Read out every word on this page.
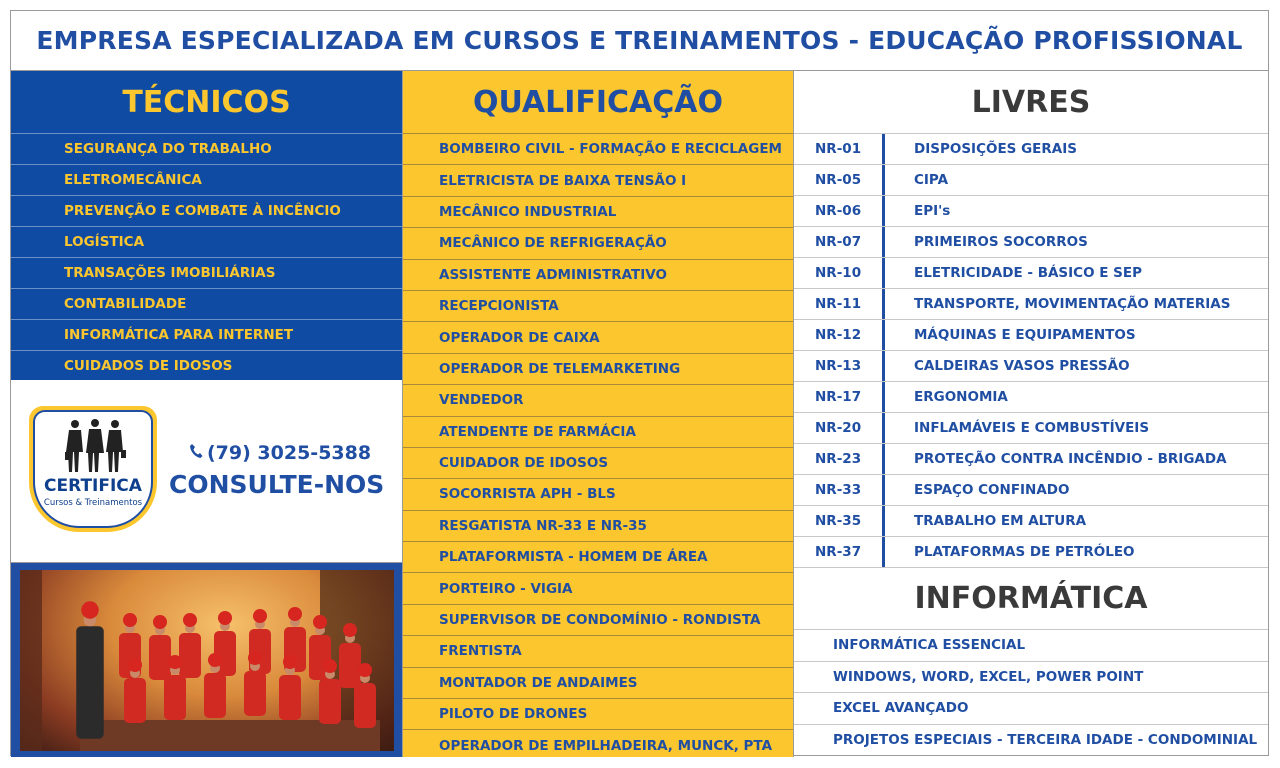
EMPRESA ESPECIALIZADA EM CURSOS E TREINAMENTOS - EDUCAÇÃO PROFISSIONAL
TÉCNICOS
SEGURANÇA DO TRABALHO
ELETROMECÂNICA
PREVENÇÃO E COMBATE À INCÊNCIO
LOGÍSTICA
TRANSAÇÕES IMOBILIÁRIAS
CONTABILIDADE
INFORMÁTICA PARA INTERNET
CUIDADOS DE IDOSOS
CERTIFICA
Cursos & Treinamentos
(79) 3025-5388
CONSULTE-NOS
QUALIFICAÇÃO
BOMBEIRO CIVIL - FORMAÇÃO E RECICLAGEM
ELETRICISTA DE BAIXA TENSÃO I
MECÂNICO INDUSTRIAL
MECÂNICO DE REFRIGERAÇÃO
ASSISTENTE ADMINISTRATIVO
RECEPCIONISTA
OPERADOR DE CAIXA
OPERADOR DE TELEMARKETING
VENDEDOR
ATENDENTE DE FARMÁCIA
CUIDADOR DE IDOSOS
SOCORRISTA APH - BLS
RESGATISTA NR-33 E NR-35
PLATAFORMISTA - HOMEM DE ÁREA
PORTEIRO - VIGIA
SUPERVISOR DE CONDOMÍNIO - RONDISTA
FRENTISTA
MONTADOR DE ANDAIMES
PILOTO DE DRONES
OPERADOR DE EMPILHADEIRA, MUNCK, PTA
LIVRES
NR-01	DISPOSIÇÕES GERAIS
NR-05	CIPA
NR-06	EPI's
NR-07	PRIMEIROS SOCORROS
NR-10	ELETRICIDADE - BÁSICO E SEP
NR-11	TRANSPORTE, MOVIMENTAÇÃO MATERIAS
NR-12	MÁQUINAS E EQUIPAMENTOS
NR-13	CALDEIRAS VASOS PRESSÃO
NR-17	ERGONOMIA
NR-20	INFLAMÁVEIS E COMBUSTÍVEIS
NR-23	PROTEÇÃO CONTRA INCÊNDIO - BRIGADA
NR-33	ESPAÇO CONFINADO
NR-35	TRABALHO EM ALTURA
NR-37	PLATAFORMAS DE PETRÓLEO
INFORMÁTICA
INFORMÁTICA ESSENCIAL
WINDOWS, WORD, EXCEL, POWER POINT
EXCEL AVANÇADO
PROJETOS ESPECIAIS - TERCEIRA IDADE - CONDOMINIAL
